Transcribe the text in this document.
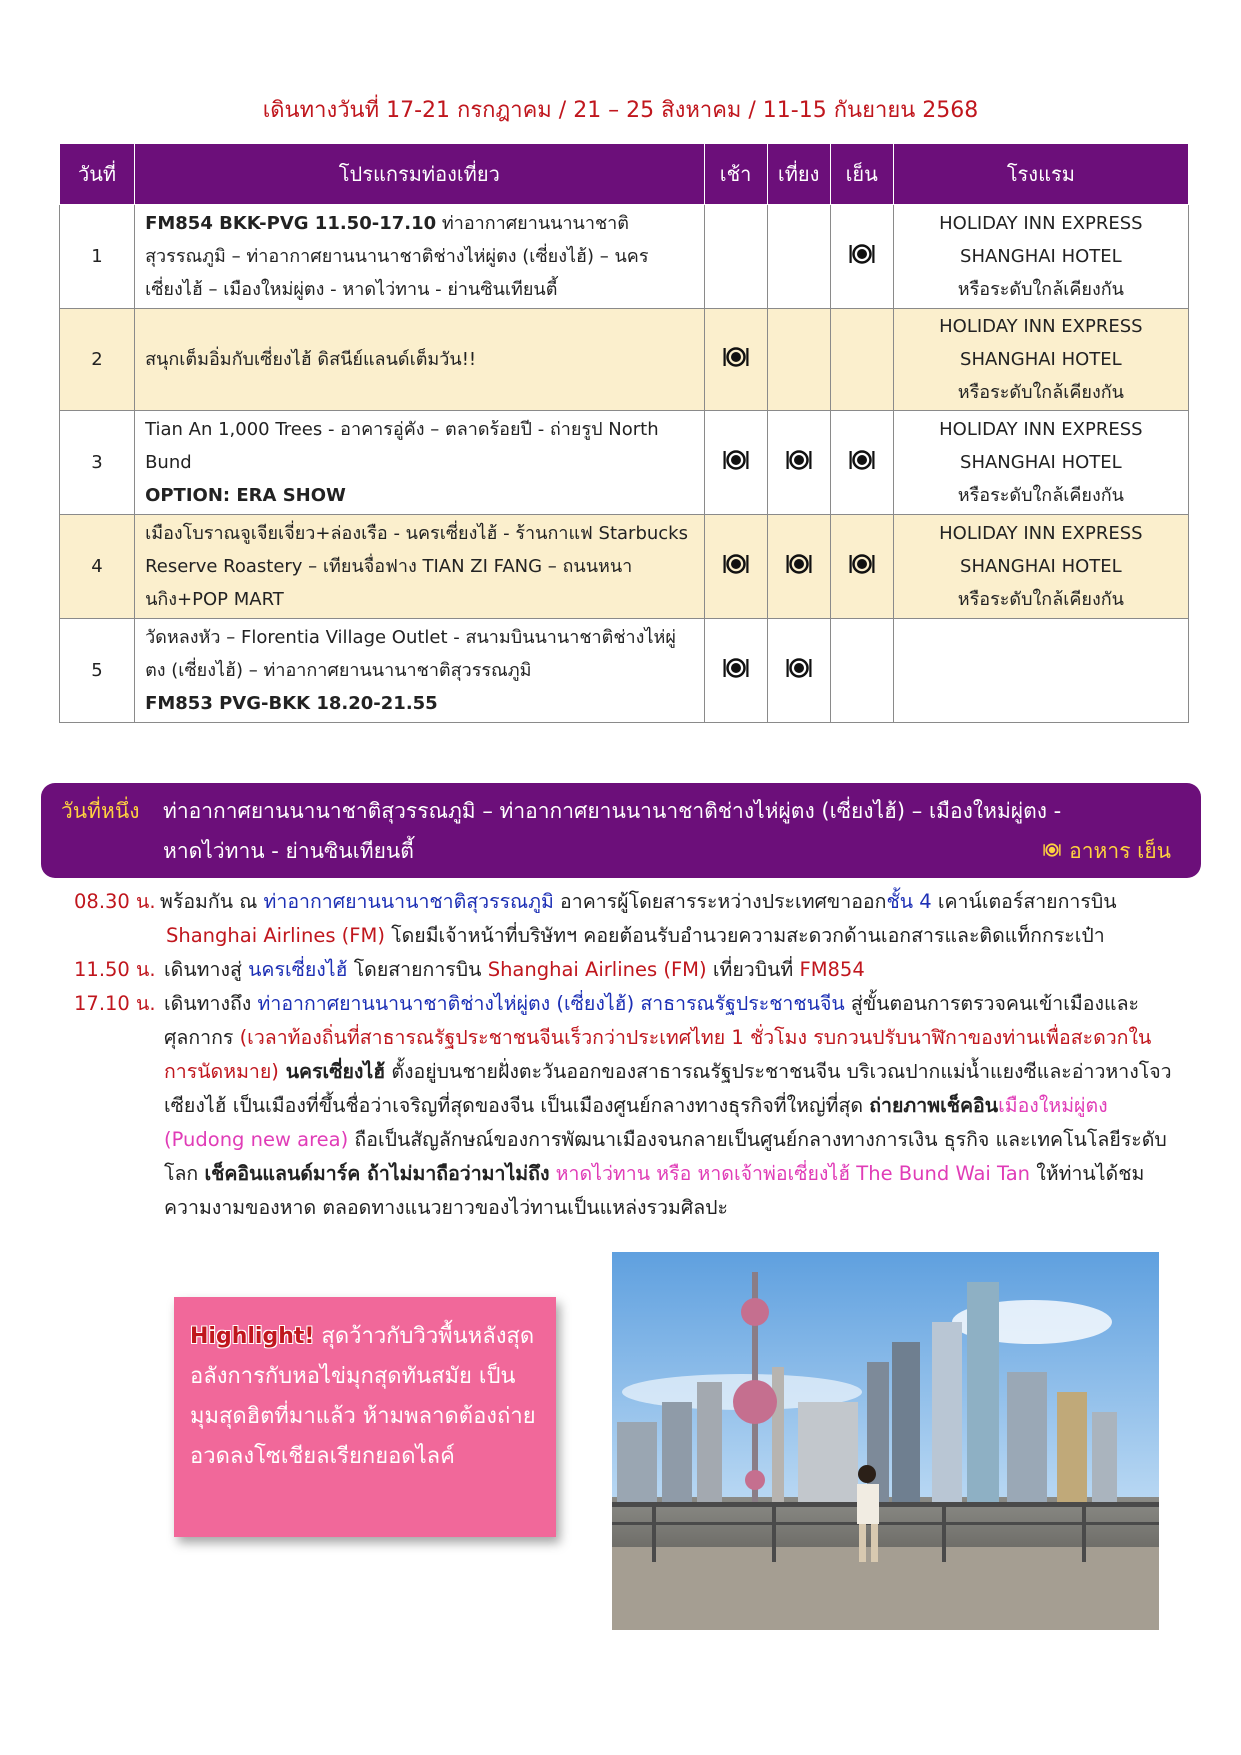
เดินทางวันที่ 17-21 กรกฎาคม / 21 – 25 สิงหาคม / 11-15 กันยายน 2568
วันที่	โปรแกรมท่องเที่ยว	เช้า	เที่ยง	เย็น	โรงแรม
1	FM854 BKK-PVG 11.50-17.10 ท่าอากาศยานนานาชาติสุวรรณภูมิ – ท่าอากาศยานนานาชาติช่างไห่ผู่ตง (เซี่ยงไฮ้) – นครเซี่ยงไฮ้ – เมืองใหม่ผู่ตง - หาดไว่ทาน - ย่านซินเทียนตี้				HOLIDAY INN EXPRESS
SHANGHAI HOTEL
หรือระดับใกล้เคียงกัน
2	สนุกเต็มอิ่มกับเซี่ยงไฮ้ ดิสนีย์แลนด์เต็มวัน!!				HOLIDAY INN EXPRESS
SHANGHAI HOTEL
หรือระดับใกล้เคียงกัน
3	Tian An 1,000 Trees - อาคารอู่คัง – ตลาดร้อยปี - ถ่ายรูป North Bund
OPTION: ERA SHOW				HOLIDAY INN EXPRESS
SHANGHAI HOTEL
หรือระดับใกล้เคียงกัน
4	เมืองโบราณจูเจียเจี่ยว+ล่องเรือ - นครเซี่ยงไฮ้ - ร้านกาแฟ Starbucks Reserve Roastery – เทียนจื่อฟาง TIAN ZI FANG – ถนนหนานกิง+POP MART				HOLIDAY INN EXPRESS
SHANGHAI HOTEL
หรือระดับใกล้เคียงกัน
5	วัดหลงหัว – Florentia Village Outlet - สนามบินนานาชาติช่างไห่ผู่ตง (เซี่ยงไฮ้) – ท่าอากาศยานนานาชาติสุวรรณภูมิ
FM853 PVG-BKK 18.20-21.55				

วันที่หนึ่ง ท่าอากาศยานนานาชาติสุวรรณภูมิ – ท่าอากาศยานนานาชาติช่างไห่ผู่ตง (เซี่ยงไฮ้) – เมืองใหม่ผู่ตง -
หาดไว่ทาน - ย่านซินเทียนตี้	อาหาร เย็น
08.30 น. พร้อมกัน ณ ท่าอากาศยานนานาชาติสุวรรณภูมิ อาคารผู้โดยสารระหว่างประเทศขาออกชั้น 4 เคาน์เตอร์สายการบิน
Shanghai Airlines (FM) โดยมีเจ้าหน้าที่บริษัทฯ คอยต้อนรับอำนวยความสะดวกด้านเอกสารและติดแท็กกระเป๋า
11.50 น. เดินทางสู่ นครเซี่ยงไฮ้ โดยสายการบิน Shanghai Airlines (FM) เที่ยวบินที่ FM854
17.10 น. เดินทางถึง ท่าอากาศยานนานาชาติช่างไห่ผู่ตง (เซี่ยงไฮ้) สาธารณรัฐประชาชนจีน สู่ขั้นตอนการตรวจคนเข้าเมืองและศุลกากร (เวลาท้องถิ่นที่สาธารณรัฐประชาชนจีนเร็วกว่าประเทศไทย 1 ชั่วโมง รบกวนปรับนาฬิกาของท่านเพื่อสะดวกในการนัดหมาย) นครเซี่ยงไฮ้ ตั้งอยู่บนชายฝั่งตะวันออกของสาธารณรัฐประชาชนจีน บริเวณปากแม่น้ำแยงซีและอ่าวหางโจว เซียงไฮ้ เป็นเมืองที่ขึ้นชื่อว่าเจริญที่สุดของจีน เป็นเมืองศูนย์กลางทางธุรกิจที่ใหญ่ที่สุด ถ่ายภาพเช็คอินเมืองใหม่ผู่ตง (Pudong new area) ถือเป็นสัญลักษณ์ของการพัฒนาเมืองจนกลายเป็นศูนย์กลางทางการเงิน ธุรกิจ และเทคโนโลยีระดับโลก เช็คอินแลนด์มาร์ค ถ้าไม่มาถือว่ามาไม่ถึง หาดไว่ทาน หรือ หาดเจ้าพ่อเซี่ยงไฮ้ The Bund Wai Tan ให้ท่านได้ชมความงามของหาด ตลอดทางแนวยาวของไว่ทานเป็นแหล่งรวมศิลปะ
Highlight! สุดว้าวกับวิวพื้นหลังสุดอลังการกับหอไข่มุกสุดทันสมัย เป็นมุมสุดฮิตที่มาแล้ว ห้ามพลาดต้องถ่ายอวดลงโซเชียลเรียกยอดไลค์
